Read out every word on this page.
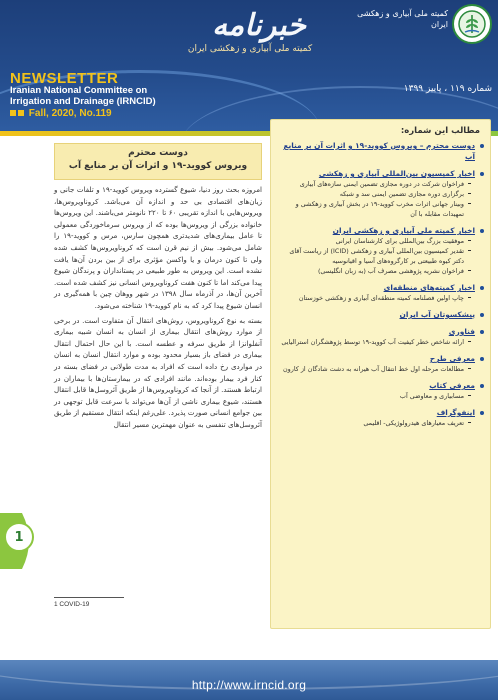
کمیته ملی آبیاری و زهکشی ایران
خبرنامه
کمیته ملی آبیاری و زهکشی ایران
شماره ۱۱۹ ، پاییز ۱۳۹۹
NEWSLETTER
Iranian National Committee on
Irrigation and Drainage (IRNCID)
Fall, 2020, No.119
دوست محترم
ویروس کووید-۱۹ و اثرات آن بر منابع آب

امروزه بحث روز دنیا، شیوع گسترده ویروس کووید-۱۹ و تلفات جانی و زیان‌های اقتصادی بی حد و اندازه آن می‌باشد. کروناویروس‌ها، ویروس‌هایی با اندازه تقریبی ۶۰ تا ۲۲۰ نانومتر می‌باشند. این ویروس‌ها خانواده بزرگی از ویروس‌ها بوده که از ویروس سرماخوردگی معمولی تا عامل بیماری‌های شدیدتری همچون سارس، مرس و کووید-۱۹ را شامل می‌شود. بیش از نیم قرن است که کروناویروس‌ها کشف شده ولی تا کنون درمان و یا واکسن مؤثری برای از بین بردن آن‌ها یافت نشده است. این ویروس به طور طبیعی در پستانداران و پرندگان شیوع پیدا می‌کند اما تا کنون هفت کروناویروس انسانی نیز کشف شده است. آخرین آن‌ها، در آذرماه سال ۱۳۹۸ در شهر ووهان چین با همه‌گیری در انسان شیوع پیدا کرد که به نام کووید-۱۹ شناخته می‌شود.

بسته به نوع کروناویروس، روش‌های انتقال آن متفاوت است. در برخی از موارد روش‌های انتقال بیماری از انسان به انسان شبیه بیماری آنفلوانزا از طریق سرفه و عطسه است. با این حال احتمال انتقال بیماری در فضای باز بسیار محدود بوده و موارد انتقال انسان به انسان در مواردی رخ داده است که افراد به مدت طولانی در فضای بسته در کنار فرد بیمار بوده‌اند. مانند افرادی که در بیمارستان‌ها با بیماران در ارتباط هستند. از آنجا که کروناویروس‌ها از طریق آئروسل‌ها قابل انتقال هستند، شیوع بیماری ناشی از آن‌ها می‌تواند با سرعت قابل توجهی در بین جوامع انسانی صورت پذیرد. علی‌رغم اینکه انتقال مستقیم از طریق آئروسل‌های تنفسی به عنوان مهمترین مسیر انتقال

1 COVID-19
1
مطالب این شماره:
دوست محترم – ویروس کووید-۱۹ و اثرات آن بر منابع آب
اخبار کمیسیون بین‌المللی آبیاری و زهکشی
فراخوان شرکت در دوره مجازی تضمین ایمنی سازه‌های آبیاری
برگزاری دوره مجازی تضمین ایمنی سد و شبکه
وبینار جهانی اثرات مخرب کووید-۱۹ در بخش آبیاری و زهکشی و تمهیدات مقابله با آن
اخبار کمیته ملی آبیاری و زهکشی ایران
موفقیت بزرگ بین‌المللی برای کارشناسان ایرانی
تقدیر کمیسیون بین‌المللی آبیاری و زهکشی (ICID) از ریاست آقای دکتر کیوه طبیعتی بر کارگروه‌های آسیا و اقیانوسیه
فراخوان نشریه پژوهشی مصرف آب (به زبان انگلیسی)
اخبار کمیته‌های منطقه‌ای
چاپ اولین فصلنامه کمیته منطقه‌ای آبیاری و زهکشی خوزستان
پیشکسوتان آب ایران
فناوری
ارائه شاخص خطر کیفیت آب کووید-۱۹ توسط پژوهشگران استرالیایی
معرفی طرح
مطالعات مرحله اول خط انتقال آب هیرانه به دشت شادگان از کارون
معرفی کتاب
مسابیاری و معاوضی آب
اینفوگراف
تعریف معیارهای هیدرولوژیکی- اقلیمی
http://www.irncid.org
